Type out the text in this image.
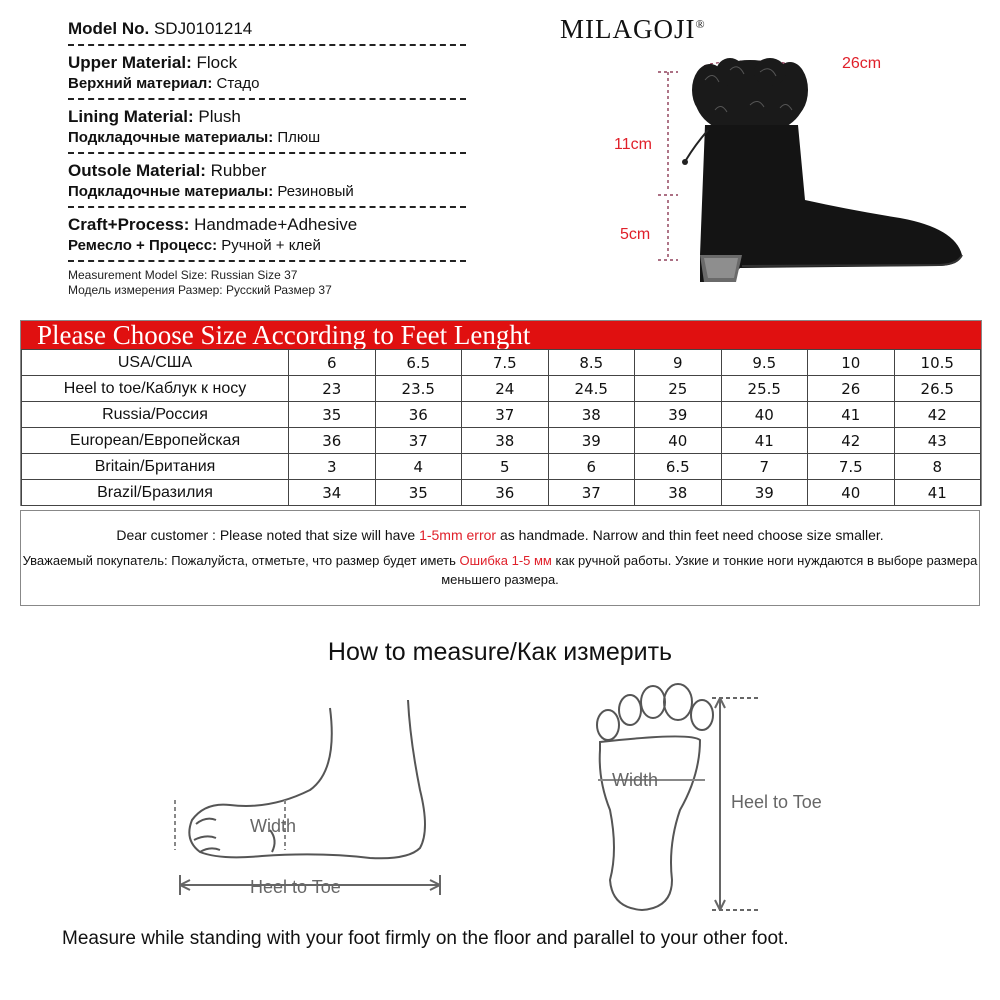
Model No. SDJ0101214
Upper Material: Flock
Верхний материал: Стадо
Lining Material: Plush
Подкладочные материалы: Плюш
Outsole Material: Rubber
Подкладочные материалы: Резиновый
Craft+Process: Handmade+Adhesive
Ремесло + Процесс: Ручной + клей
Measurement Model Size: Russian Size 37
Модель измерения Размер: Русский Размер 37
MILAGOJI®
26cm
11cm
5cm
Please Choose Size According to Feet Lenght
USA/CША	6	6.5	7.5	8.5	9	9.5	10	10.5
Heel to toe/Каблук к носу	23	23.5	24	24.5	25	25.5	26	26.5
Russia/Россия	35	36	37	38	39	40	41	42
European/Европейская	36	37	38	39	40	41	42	43
Britain/Британия	3	4	5	6	6.5	7	7.5	8
Brazil/Бразилия	34	35	36	37	38	39	40	41
Dear customer : Please noted that size will have 1-5mm error as handmade. Narrow and thin feet need choose size smaller.
Уважаемый покупатель: Пожалуйста, отметьте, что размер будет иметь Ошибка 1-5 мм как ручной работы. Узкие и тонкие ноги нуждаются в выборе размера меньшего размера.
How to measure/Как измерить
Width
Heel to Toe
Width
Heel to Toe
Measure while standing with your foot firmly on the floor and parallel to your other foot.
